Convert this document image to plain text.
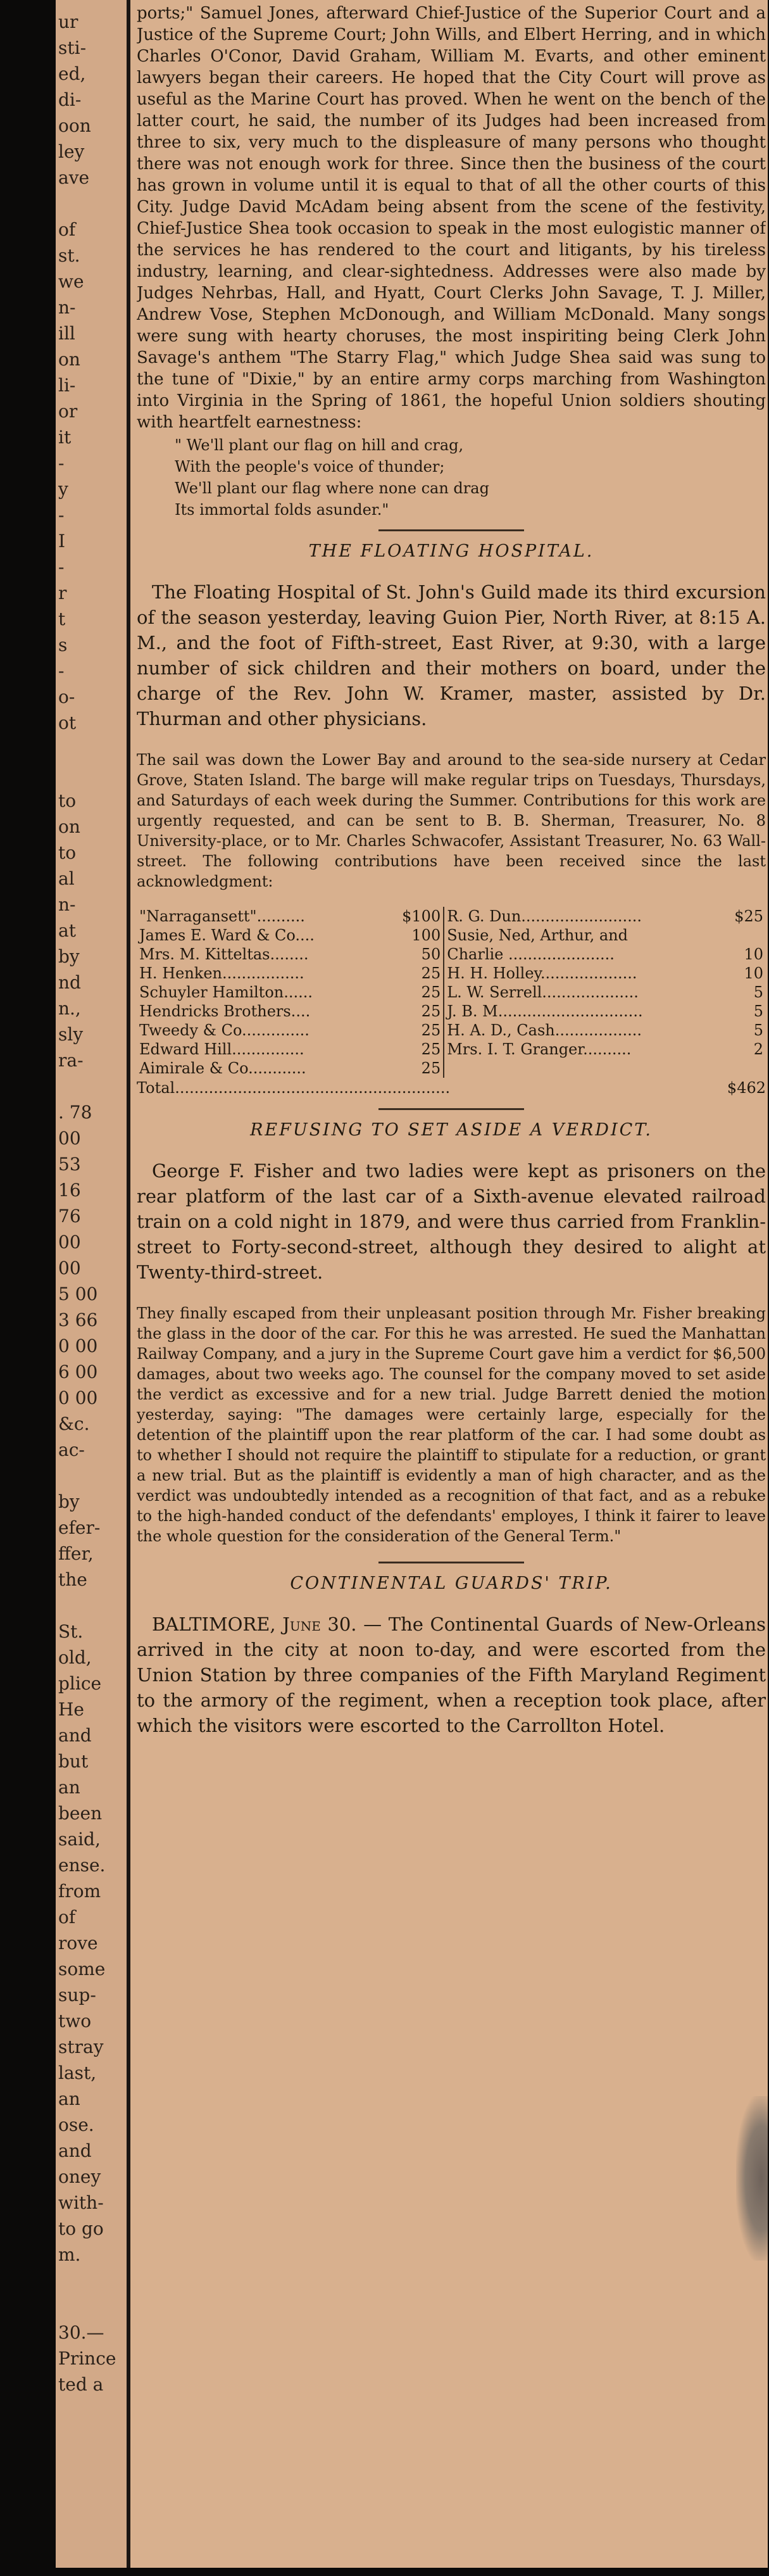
ur
sti-
ed,
di-
oon
ley
ave
of
st.
we
n-
ill
on
li-
or
it
-
y
-
I
-
r
t
s
-
o-
ot
to
on
to
al
n-
at
by
nd
n.,
sly
ra-
. 78
00
53
16
76
00
00
5 00
3 66
0 00
6 00
0 00
&c.
ac-
by
efer-
ffer,
the
St.
old,
plice
He
and
but
an
been
said,
ense.
from
of
rove
some
sup-
two
stray
last,
an
ose.
and
oney
with-
to go
m.
30.—
Prince
ted a

ports;" Samuel Jones, afterward Chief-Justice of the Superior Court and a Justice of the Supreme Court; John Wills, and Elbert Herring, and in which Charles O'Conor, David Graham, William M. Evarts, and other eminent lawyers began their careers. He hoped that the City Court will prove as useful as the Marine Court has proved. When he went on the bench of the latter court, he said, the number of its Judges had been increased from three to six, very much to the displeasure of many persons who thought there was not enough work for three. Since then the business of the court has grown in volume until it is equal to that of all the other courts of this City. Judge David McAdam being absent from the scene of the festivity, Chief-Justice Shea took occasion to speak in the most eulogistic manner of the services he has rendered to the court and litigants, by his tireless industry, learning, and clear-sightedness. Addresses were also made by Judges Nehrbas, Hall, and Hyatt, Court Clerks John Savage, T. J. Miller, Andrew Vose, Stephen McDonough, and William McDonald. Many songs were sung with hearty choruses, the most inspiriting being Clerk John Savage's anthem "The Starry Flag," which Judge Shea said was sung to the tune of "Dixie," by an entire army corps marching from Washington into Virginia in the Spring of 1861, the hopeful Union soldiers shouting with heartfelt earnestness:

" We'll plant our flag on hill and crag,
With the people's voice of thunder;
We'll plant our flag where none can drag
Its immortal folds asunder."
THE FLOATING HOSPITAL.

The Floating Hospital of St. John's Guild made its third excursion of the season yesterday, leaving Guion Pier, North River, at 8:15 A. M., and the foot of Fifth-street, East River, at 9:30, with a large number of sick children and their mothers on board, under the charge of the Rev. John W. Kramer, master, assisted by Dr. Thurman and other physicians.

The sail was down the Lower Bay and around to the sea-side nursery at Cedar Grove, Staten Island. The barge will make regular trips on Tuesdays, Thursdays, and Saturdays of each week during the Summer. Contributions for this work are urgently requested, and can be sent to B. B. Sherman, Treasurer, No. 8 University-place, or to Mr. Charles Schwacofer, Assistant Treasurer, No. 63 Wall-street. The following contributions have been received since the last acknowledgment:

"Narragansett"..........	$100	R. G. Dun.........................	$25
James E. Ward & Co....	100	Susie, Ned, Arthur, and	
Mrs. M. Kitteltas........	50	Charlie ......................	10
H. Henken.................	25	H. H. Holley....................	10
Schuyler Hamilton......	25	L. W. Serrell....................	5
Hendricks Brothers....	25	J. B. M..............................	5
Tweedy & Co..............	25	H. A. D., Cash..................	5
Edward Hill...............	25	Mrs. I. T. Granger..........	2
Aimirale & Co............	25		
Total.........................................................	$462
REFUSING TO SET ASIDE A VERDICT.

George F. Fisher and two ladies were kept as prisoners on the rear platform of the last car of a Sixth-avenue elevated railroad train on a cold night in 1879, and were thus carried from Franklin-street to Forty-second-street, although they desired to alight at Twenty-third-street.

They finally escaped from their unpleasant position through Mr. Fisher breaking the glass in the door of the car. For this he was arrested. He sued the Manhattan Railway Company, and a jury in the Supreme Court gave him a verdict for $6,500 damages, about two weeks ago. The counsel for the company moved to set aside the verdict as excessive and for a new trial. Judge Barrett denied the motion yesterday, saying: "The damages were certainly large, especially for the detention of the plaintiff upon the rear platform of the car. I had some doubt as to whether I should not require the plaintiff to stipulate for a reduction, or grant a new trial. But as the plaintiff is evidently a man of high character, and as the verdict was undoubtedly intended as a recognition of that fact, and as a rebuke to the high-handed conduct of the defendants' employes, I think it fairer to leave the whole question for the consideration of the General Term."

CONTINENTAL GUARDS' TRIP.

BALTIMORE, June 30. — The Continental Guards of New-Orleans arrived in the city at noon to-day, and were escorted from the Union Station by three companies of the Fifth Maryland Regiment to the armory of the regiment, when a reception took place, after which the visitors were escorted to the Carrollton Hotel.
